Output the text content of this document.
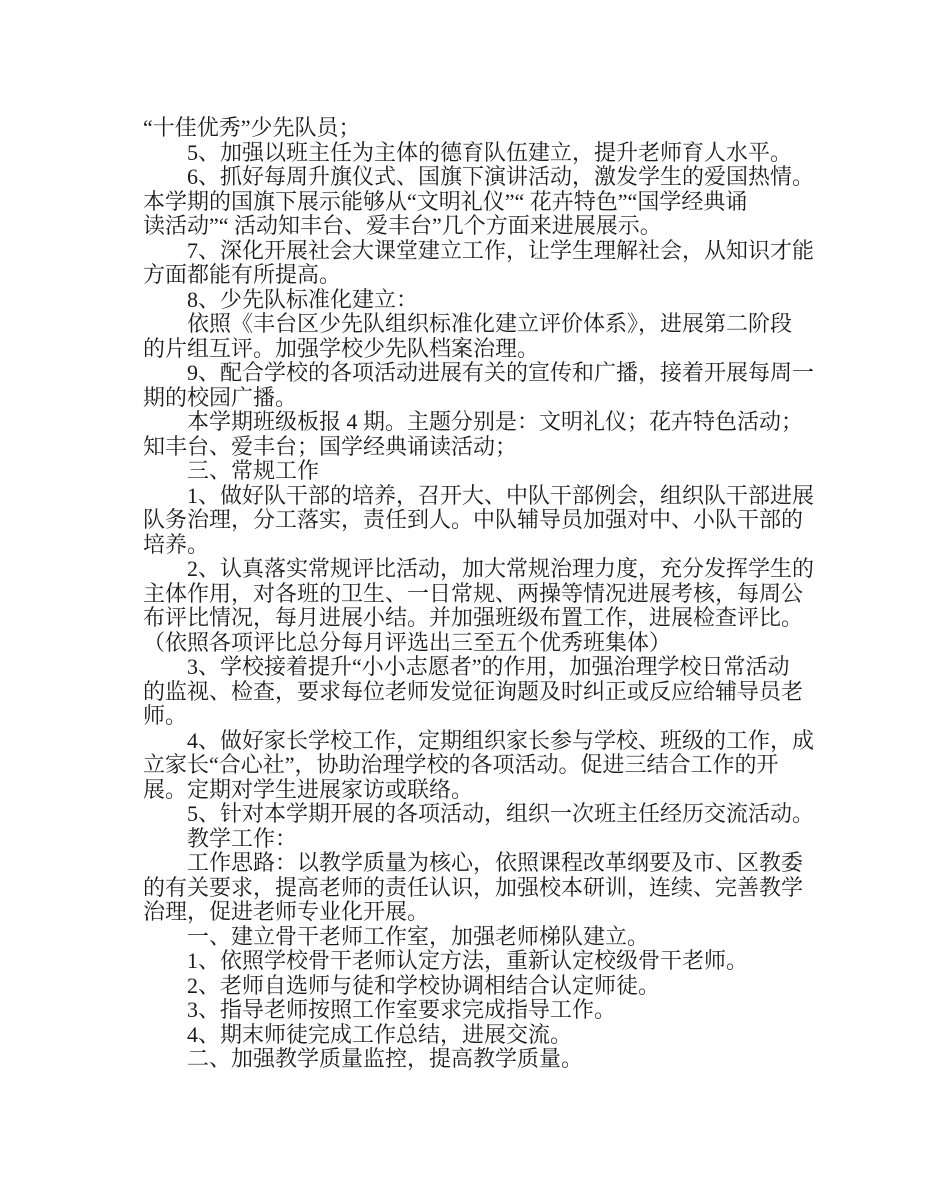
“十佳优秀”少先队员；
5、加强以班主任为主体的德育队伍建立，提升老师育人水平。
6、抓好每周升旗仪式、国旗下演讲活动，激发学生的爱国热情。
本学期的国旗下展示能够从“文明礼仪”“ 花卉特色”“国学经典诵
读活动”“ 活动知丰台、爱丰台”几个方面来进展展示。
7、深化开展社会大课堂建立工作，让学生理解社会，从知识才能
方面都能有所提高。
8、少先队标准化建立：
依照《丰台区少先队组织标准化建立评价体系》，进展第二阶段
的片组互评。加强学校少先队档案治理。
9、配合学校的各项活动进展有关的宣传和广播，接着开展每周一
期的校园广播。
本学期班级板报 4 期。主题分别是：文明礼仪；花卉特色活动；
知丰台、爱丰台；国学经典诵读活动；
三、常规工作
1、做好队干部的培养，召开大、中队干部例会，组织队干部进展
队务治理，分工落实，责任到人。中队辅导员加强对中、小队干部的
培养。
2、认真落实常规评比活动，加大常规治理力度，充分发挥学生的
主体作用，对各班的卫生、一日常规、两操等情况进展考核，每周公
布评比情况，每月进展小结。并加强班级布置工作，进展检查评比。
（依照各项评比总分每月评选出三至五个优秀班集体）
3、学校接着提升“小小志愿者”的作用，加强治理学校日常活动
的监视、检查，要求每位老师发觉征询题及时纠正或反应给辅导员老
师。
4、做好家长学校工作，定期组织家长参与学校、班级的工作，成
立家长“合心社”，协助治理学校的各项活动。促进三结合工作的开
展。定期对学生进展家访或联络。
5、针对本学期开展的各项活动，组织一次班主任经历交流活动。
教学工作：
工作思路：以教学质量为核心，依照课程改革纲要及市、区教委
的有关要求，提高老师的责任认识，加强校本研训，连续、完善教学
治理，促进老师专业化开展。
一、建立骨干老师工作室，加强老师梯队建立。
1、依照学校骨干老师认定方法，重新认定校级骨干老师。
2、老师自选师与徒和学校协调相结合认定师徒。
3、指导老师按照工作室要求完成指导工作。
4、期末师徒完成工作总结，进展交流。
二、加强教学质量监控，提高教学质量。
